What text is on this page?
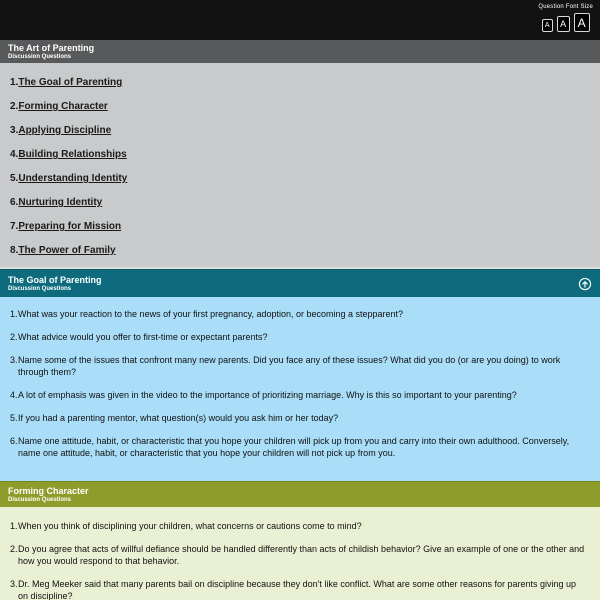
Question Font Size
A	A A
The Art of Parenting
Discussion Questions
1. The Goal of Parenting
2. Forming Character
3. Applying Discipline
4. Building Relationships
5. Understanding Identity
6. Nurturing Identity
7. Preparing for Mission
8. The Power of Family
The Goal of Parenting
Discussion Questions
1. What was your reaction to the news of your first pregnancy, adoption, or becoming a stepparent?
2. What advice would you offer to first-time or expectant parents?
3. Name some of the issues that confront many new parents. Did you face any of these issues? What did you do (or are you doing) to work through them?
4. A lot of emphasis was given in the video to the importance of prioritizing marriage. Why is this so important to your parenting?
5. If you had a parenting mentor, what question(s) would you ask him or her today?
6. Name one attitude, habit, or characteristic that you hope your children will pick up from you and carry into their own adulthood. Conversely, name one attitude, habit, or characteristic that you hope your children will not pick up from you.
Forming Character
Discussion Questions
1. When you think of disciplining your children, what concerns or cautions come to mind?
2. Do you agree that acts of willful defiance should be handled differently than acts of childish behavior? Give an example of one or the other and how you would respond to that behavior.
3. Dr. Meg Meeker said that many parents bail on discipline because they don't like conflict. What are some other reasons for parents giving up on discipline?
